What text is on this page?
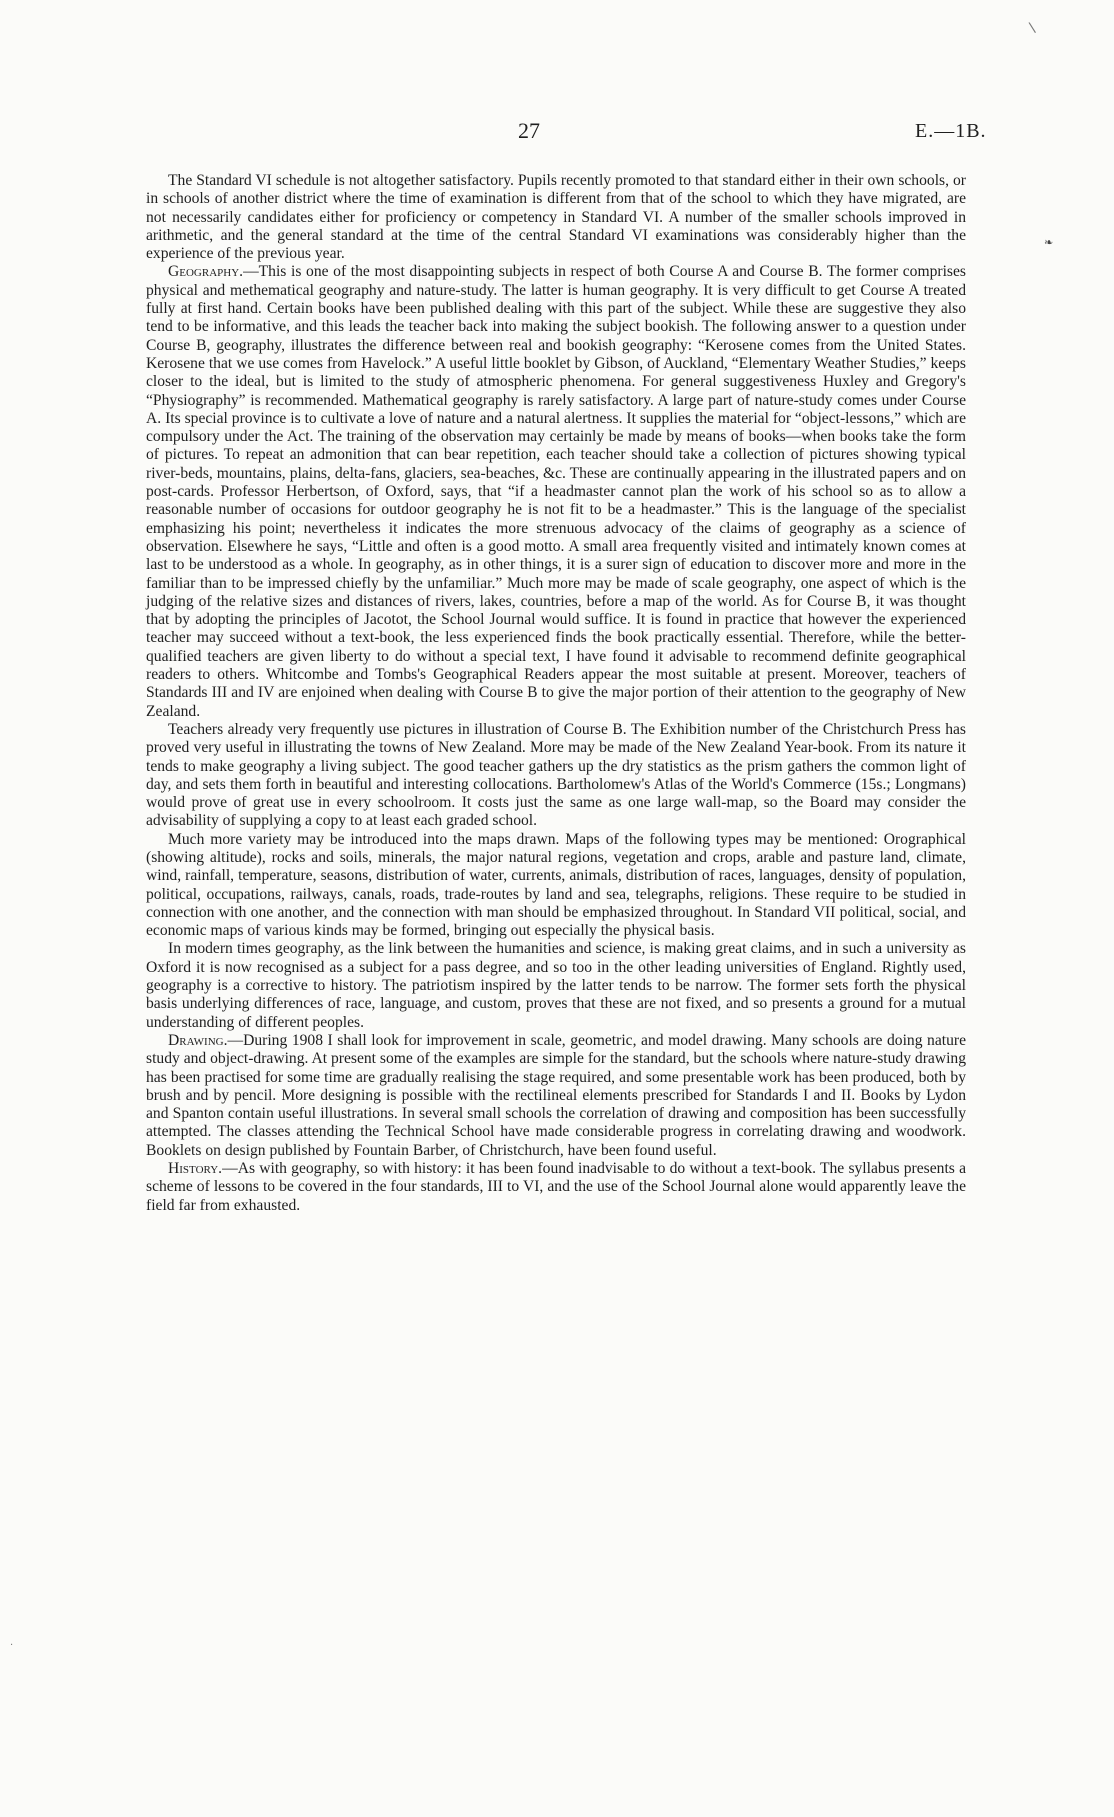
\
❧
·
27	E.—1B.

The Standard VI schedule is not altogether satisfactory. Pupils recently promoted to that standard either in their own schools, or in schools of another district where the time of examination is different from that of the school to which they have migrated, are not necessarily candidates either for proficiency or competency in Standard VI. A number of the smaller schools improved in arithmetic, and the general standard at the time of the central Standard VI examinations was considerably higher than the experience of the previous year.

Geography.—This is one of the most disappointing subjects in respect of both Course A and Course B. The former comprises physical and methematical geography and nature-study. The latter is human geography. It is very difficult to get Course A treated fully at first hand. Certain books have been published dealing with this part of the subject. While these are suggestive they also tend to be informative, and this leads the teacher back into making the subject bookish. The following answer to a question under Course B, geography, illustrates the difference between real and bookish geography: “Kerosene comes from the United States. Kerosene that we use comes from Havelock.” A useful little booklet by Gibson, of Auckland, “Elementary Weather Studies,” keeps closer to the ideal, but is limited to the study of atmospheric phenomena. For general suggestiveness Huxley and Gregory's “Physiography” is recommended. Mathematical geography is rarely satisfactory. A large part of nature-study comes under Course A. Its special province is to cultivate a love of nature and a natural alertness. It supplies the material for “object-lessons,” which are compulsory under the Act. The training of the observation may certainly be made by means of books—when books take the form of pictures. To repeat an admonition that can bear repetition, each teacher should take a collection of pictures showing typical river-beds, mountains, plains, delta-fans, glaciers, sea-beaches, &c. These are continually appearing in the illustrated papers and on post-cards. Professor Herbertson, of Oxford, says, that “if a headmaster cannot plan the work of his school so as to allow a reasonable number of occasions for outdoor geography he is not fit to be a headmaster.” This is the language of the specialist emphasizing his point; nevertheless it indicates the more strenuous advocacy of the claims of geography as a science of observation. Elsewhere he says, “Little and often is a good motto. A small area frequently visited and intimately known comes at last to be understood as a whole. In geography, as in other things, it is a surer sign of education to discover more and more in the familiar than to be impressed chiefly by the unfamiliar.” Much more may be made of scale geography, one aspect of which is the judging of the relative sizes and distances of rivers, lakes, countries, before a map of the world. As for Course B, it was thought that by adopting the principles of Jacotot, the School Journal would suffice. It is found in practice that however the experienced teacher may succeed without a text-book, the less experienced finds the book practically essential. Therefore, while the better-qualified teachers are given liberty to do without a special text, I have found it advisable to recommend definite geographical readers to others. Whitcombe and Tombs's Geographical Readers appear the most suitable at present. Moreover, teachers of Standards III and IV are enjoined when dealing with Course B to give the major portion of their attention to the geography of New Zealand.

Teachers already very frequently use pictures in illustration of Course B. The Exhibition number of the Christchurch Press has proved very useful in illustrating the towns of New Zealand. More may be made of the New Zealand Year-book. From its nature it tends to make geography a living subject. The good teacher gathers up the dry statistics as the prism gathers the common light of day, and sets them forth in beautiful and interesting collocations. Bartholomew's Atlas of the World's Commerce (15s.; Longmans) would prove of great use in every schoolroom. It costs just the same as one large wall-map, so the Board may consider the advisability of supplying a copy to at least each graded school.

Much more variety may be introduced into the maps drawn. Maps of the following types may be mentioned: Orographical (showing altitude), rocks and soils, minerals, the major natural regions, vegetation and crops, arable and pasture land, climate, wind, rainfall, temperature, seasons, distribution of water, currents, animals, distribution of races, languages, density of population, political, occupations, railways, canals, roads, trade-routes by land and sea, telegraphs, religions. These require to be studied in connection with one another, and the connection with man should be emphasized throughout. In Standard VII political, social, and economic maps of various kinds may be formed, bringing out especially the physical basis.

In modern times geography, as the link between the humanities and science, is making great claims, and in such a university as Oxford it is now recognised as a subject for a pass degree, and so too in the other leading universities of England. Rightly used, geography is a corrective to history. The patriotism inspired by the latter tends to be narrow. The former sets forth the physical basis underlying differences of race, language, and custom, proves that these are not fixed, and so presents a ground for a mutual understanding of different peoples.

Drawing.—During 1908 I shall look for improvement in scale, geometric, and model drawing. Many schools are doing nature study and object-drawing. At present some of the examples are simple for the standard, but the schools where nature-study drawing has been practised for some time are gradually realising the stage required, and some presentable work has been produced, both by brush and by pencil. More designing is possible with the rectilineal elements prescribed for Standards I and II. Books by Lydon and Spanton contain useful illustrations. In several small schools the correlation of drawing and composition has been successfully attempted. The classes attending the Technical School have made considerable progress in correlating drawing and woodwork. Booklets on design published by Fountain Barber, of Christchurch, have been found useful.

History.—As with geography, so with history: it has been found inadvisable to do without a text-book. The syllabus presents a scheme of lessons to be covered in the four standards, III to VI, and the use of the School Journal alone would apparently leave the field far from exhausted.
